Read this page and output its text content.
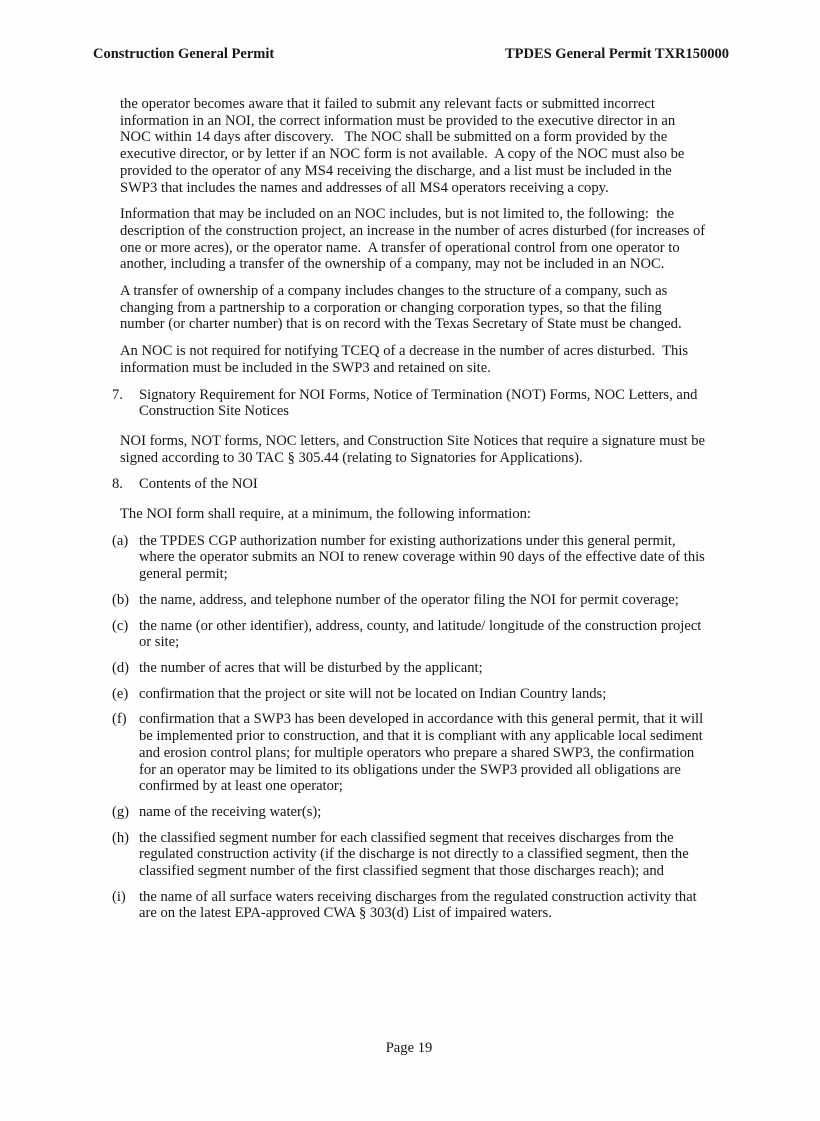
Construction General Permit	TPDES General Permit TXR150000

the operator becomes aware that it failed to submit any relevant facts or submitted incorrect information in an NOI, the correct information must be provided to the executive director in an NOC within 14 days after discovery.   The NOC shall be submitted on a form provided by the executive director, or by letter if an NOC form is not available.  A copy of the NOC must also be provided to the operator of any MS4 receiving the discharge, and a list must be included in the SWP3 that includes the names and addresses of all MS4 operators receiving a copy.

Information that may be included on an NOC includes, but is not limited to, the following:  the description of the construction project, an increase in the number of acres disturbed (for increases of one or more acres), or the operator name.  A transfer of operational control from one operator to another, including a transfer of the ownership of a company, may not be included in an NOC.

A transfer of ownership of a company includes changes to the structure of a company, such as changing from a partnership to a corporation or changing corporation types, so that the filing number (or charter number) that is on record with the Texas Secretary of State must be changed.

An NOC is not required for notifying TCEQ of a decrease in the number of acres disturbed.  This information must be included in the SWP3 and retained on site.

7.	Signatory Requirement for NOI Forms, Notice of Termination (NOT) Forms, NOC Letters, and Construction Site Notices

NOI forms, NOT forms, NOC letters, and Construction Site Notices that require a signature must be signed according to 30 TAC § 305.44 (relating to Signatories for Applications).

8.	Contents of the NOI

The NOI form shall require, at a minimum, the following information:

(a) the TPDES CGP authorization number for existing authorizations under this general permit, where the operator submits an NOI to renew coverage within 90 days of the effective date of this general permit;
(b) the name, address, and telephone number of the operator filing the NOI for permit coverage;
(c) the name (or other identifier), address, county, and latitude/ longitude of the construction project or site;
(d) the number of acres that will be disturbed by the applicant;
(e) confirmation that the project or site will not be located on Indian Country lands;
(f) confirmation that a SWP3 has been developed in accordance with this general permit, that it will be implemented prior to construction, and that it is compliant with any applicable local sediment and erosion control plans; for multiple operators who prepare a shared SWP3, the confirmation for an operator may be limited to its obligations under the SWP3 provided all obligations are confirmed by at least one operator;
(g) name of the receiving water(s);
(h) the classified segment number for each classified segment that receives discharges from the regulated construction activity (if the discharge is not directly to a classified segment, then the classified segment number of the first classified segment that those discharges reach); and
(i) the name of all surface waters receiving discharges from the regulated construction activity that are on the latest EPA-approved CWA § 303(d) List of impaired waters.
Page 19
